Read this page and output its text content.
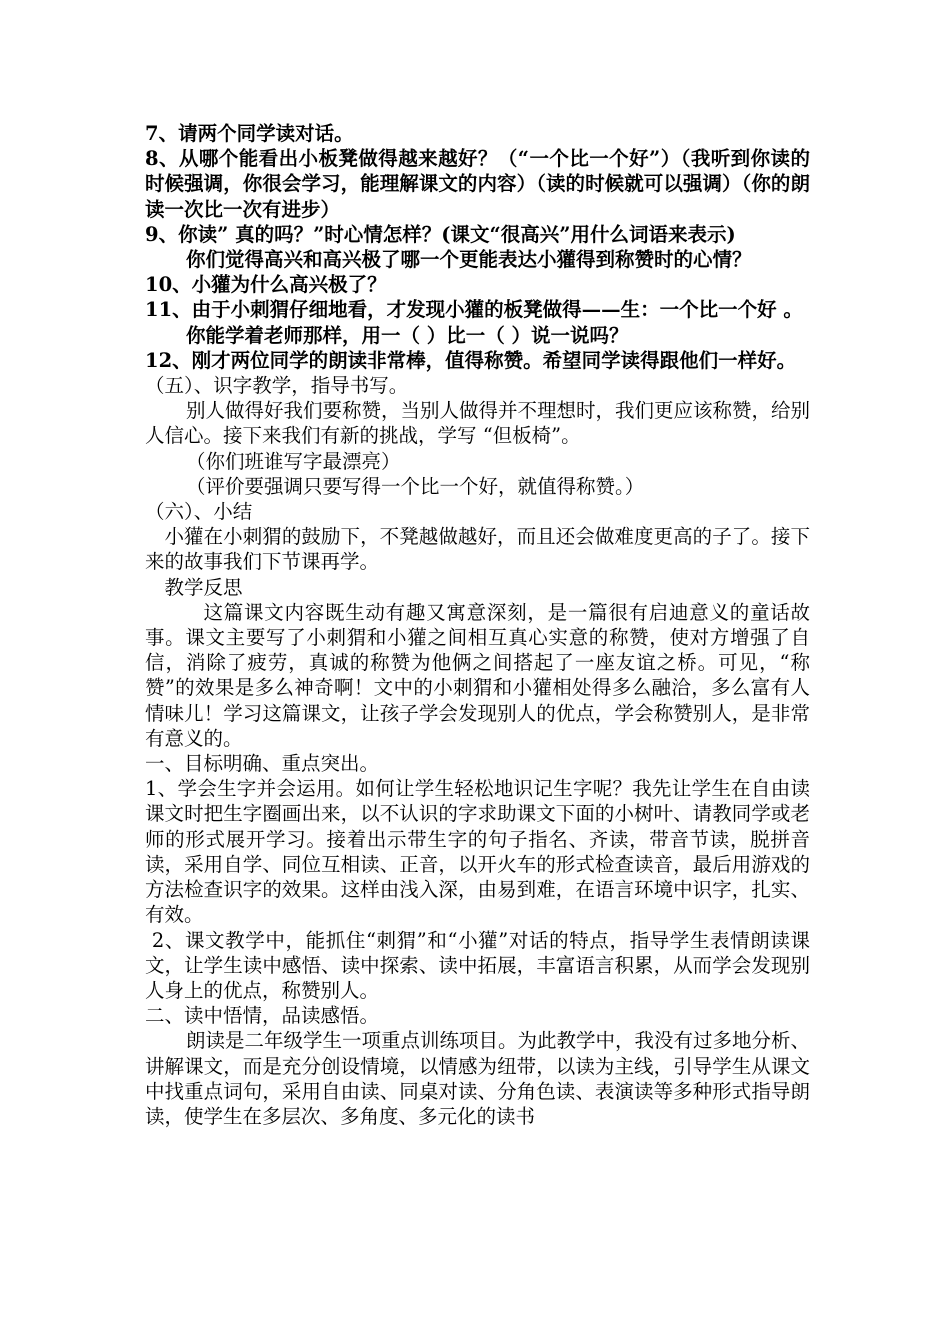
7、请两个同学读对话。

8、从哪个能看出小板凳做得越来越好？（“一个比一个好”）（我听到你读的时候强调，你很会学习，能理解课文的内容）（读的时候就可以强调）（你的朗读一次比一次有进步）

9、你读” 真的吗？”时心情怎样？(课文“很高兴”用什么词语来表示)

你们觉得高兴和高兴极了哪一个更能表达小獾得到称赞时的心情？

10、小獾为什么高兴极了？

11、由于小刺猬仔细地看，才发现小獾的板凳做得——生：一个比一个好 。

你能学着老师那样，用一（ ）比一（ ）说一说吗？

12、刚才两位同学的朗读非常棒，值得称赞。希望同学读得跟他们一样好。

（五）、识字教学，指导书写。

别人做得好我们要称赞，当别人做得并不理想时，我们更应该称赞，给别人信心。接下来我们有新的挑战，学写 “但板椅”。

（你们班谁写字最漂亮）

（评价要强调只要写得一个比一个好，就值得称赞。）

（六）、小结

小獾在小刺猬的鼓励下，不凳越做越好，而且还会做难度更高的子了。接下来的故事我们下节课再学。

教学反思

这篇课文内容既生动有趣又寓意深刻，是一篇很有启迪意义的童话故事。课文主要写了小刺猬和小獾之间相互真心实意的称赞，使对方增强了自信，消除了疲劳，真诚的称赞为他俩之间搭起了一座友谊之桥。可见，“称赞”的效果是多么神奇啊！文中的小刺猬和小獾相处得多么融洽，多么富有人情味儿！学习这篇课文，让孩子学会发现别人的优点，学会称赞别人，是非常有意义的。

一、目标明确、重点突出。

1、学会生字并会运用。如何让学生轻松地识记生字呢？我先让学生在自由读课文时把生字圈画出来，以不认识的字求助课文下面的小树叶、请教同学或老师的形式展开学习。接着出示带生字的句子指名、齐读，带音节读，脱拼音读，采用自学、同位互相读、正音，以开火车的形式检查读音，最后用游戏的方法检查识字的效果。这样由浅入深，由易到难，在语言环境中识字，扎实、有效。

2、课文教学中，能抓住“刺猬”和“小獾”对话的特点，指导学生表情朗读课文，让学生读中感悟、读中探索、读中拓展，丰富语言积累，从而学会发现别人身上的优点，称赞别人。

二、读中悟情，品读感悟。

朗读是二年级学生一项重点训练项目。为此教学中，我没有过多地分析、讲解课文，而是充分创设情境，以情感为纽带，以读为主线，引导学生从课文中找重点词句，采用自由读、同桌对读、分角色读、表演读等多种形式指导朗读，使学生在多层次、多角度、多元化的读书
